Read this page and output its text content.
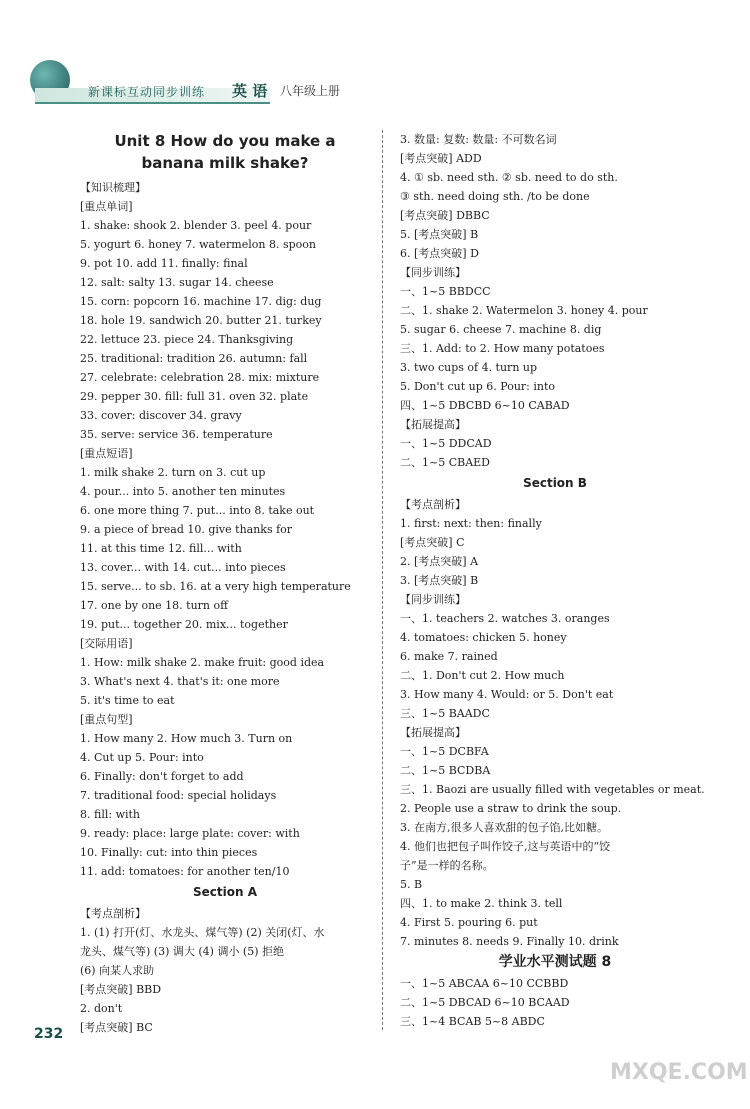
新课标互动同步训练 英 语 八年级上册
Unit 8 How do you make a
banana milk shake?
【知识梳理】
[重点单词]
1. shake: shook 2. blender 3. peel 4. pour
5. yogurt 6. honey 7. watermelon 8. spoon
9. pot 10. add 11. finally: final
12. salt: salty 13. sugar 14. cheese
15. corn: popcorn 16. machine 17. dig: dug
18. hole 19. sandwich 20. butter 21. turkey
22. lettuce 23. piece 24. Thanksgiving
25. traditional: tradition 26. autumn: fall
27. celebrate: celebration 28. mix: mixture
29. pepper 30. fill: full 31. oven 32. plate
33. cover: discover 34. gravy
35. serve: service 36. temperature
[重点短语]
1. milk shake 2. turn on 3. cut up
4. pour... into 5. another ten minutes
6. one more thing 7. put... into 8. take out
9. a piece of bread 10. give thanks for
11. at this time 12. fill... with
13. cover... with 14. cut... into pieces
15. serve... to sb. 16. at a very high temperature
17. one by one 18. turn off
19. put... together 20. mix... together
[交际用语]
1. How: milk shake 2. make fruit: good idea
3. What's next 4. that's it: one more
5. it's time to eat
[重点句型]
1. How many 2. How much 3. Turn on
4. Cut up 5. Pour: into
6. Finally: don't forget to add
7. traditional food: special holidays
8. fill: with
9. ready: place: large plate: cover: with
10. Finally: cut: into thin pieces
11. add: tomatoes: for another ten/10
Section A
【考点剖析】
1. (1) 打开(灯、水龙头、煤气等) (2) 关闭(灯、水
龙头、煤气等) (3) 调大 (4) 调小 (5) 拒绝
(6) 向某人求助
[考点突破] BBD
2. don't
[考点突破] BC
3. 数量: 复数: 数量: 不可数名词
[考点突破] ADD
4. ① sb. need sth. ② sb. need to do sth.
③ sth. need doing sth. /to be done
[考点突破] DBBC
5. [考点突破] B
6. [考点突破] D
【同步训练】
一、1~5 BBDCC
二、1. shake 2. Watermelon 3. honey 4. pour
5. sugar 6. cheese 7. machine 8. dig
三、1. Add: to 2. How many potatoes
3. two cups of 4. turn up
5. Don't cut up 6. Pour: into
四、1~5 DBCBD 6~10 CABAD
【拓展提高】
一、1~5 DDCAD
二、1~5 CBAED
Section B
【考点剖析】
1. first: next: then: finally
[考点突破] C
2. [考点突破] A
3. [考点突破] B
【同步训练】
一、1. teachers 2. watches 3. oranges
4. tomatoes: chicken 5. honey
6. make 7. rained
二、1. Don't cut 2. How much
3. How many 4. Would: or 5. Don't eat
三、1~5 BAADC
【拓展提高】
一、1~5 DCBFA
二、1~5 BCDBA
三、1. Baozi are usually filled with vegetables or meat.
2. People use a straw to drink the soup.
3. 在南方,很多人喜欢甜的包子馅,比如糖。
4. 他们也把包子叫作饺子,这与英语中的“饺
子”是一样的名称。
5. B
四、1. to make 2. think 3. tell
4. First 5. pouring 6. put
7. minutes 8. needs 9. Finally 10. drink
学业水平测试题 8
一、1~5 ABCAA 6~10 CCBBD
二、1~5 DBCAD 6~10 BCAAD
三、1~4 BCAB 5~8 ABDC
232
MXQE.COM
